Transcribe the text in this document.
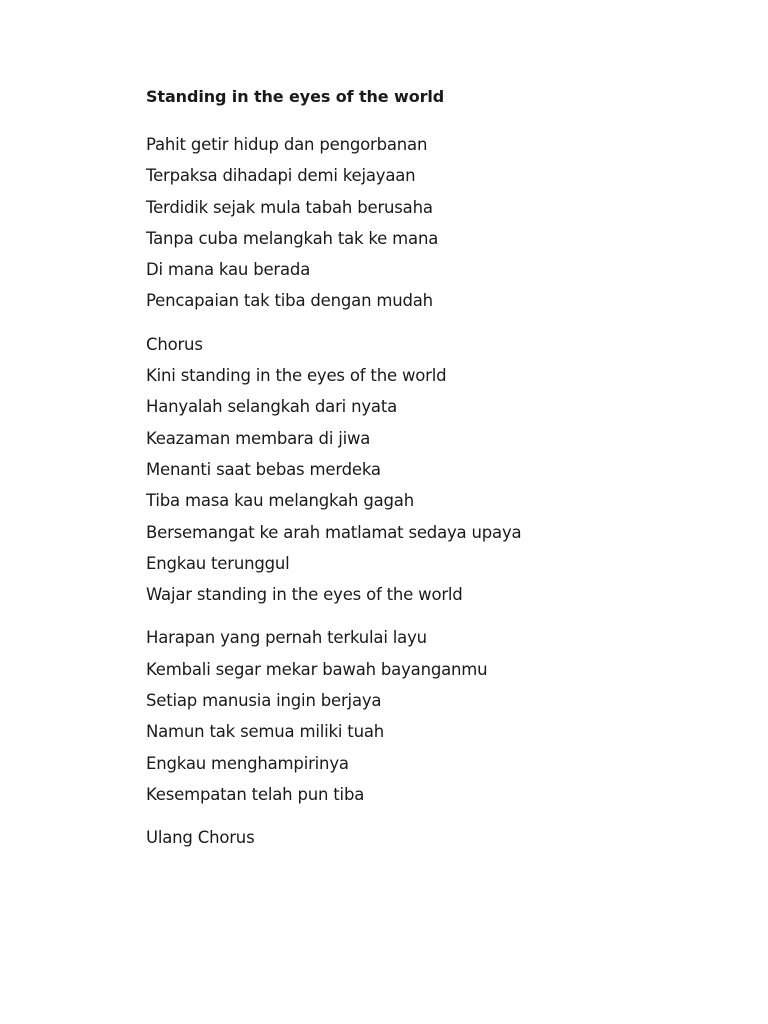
Standing in the eyes of the world
Pahit getir hidup dan pengorbanan
Terpaksa dihadapi demi kejayaan
Terdidik sejak mula tabah berusaha
Tanpa cuba melangkah tak ke mana
Di mana kau berada
Pencapaian tak tiba dengan mudah
Chorus
Kini standing in the eyes of the world
Hanyalah selangkah dari nyata
Keazaman membara di jiwa
Menanti saat bebas merdeka
Tiba masa kau melangkah gagah
Bersemangat ke arah matlamat sedaya upaya
Engkau terunggul
Wajar standing in the eyes of the world
Harapan yang pernah terkulai layu
Kembali segar mekar bawah bayanganmu
Setiap manusia ingin berjaya
Namun tak semua miliki tuah
Engkau menghampirinya
Kesempatan telah pun tiba
Ulang Chorus
